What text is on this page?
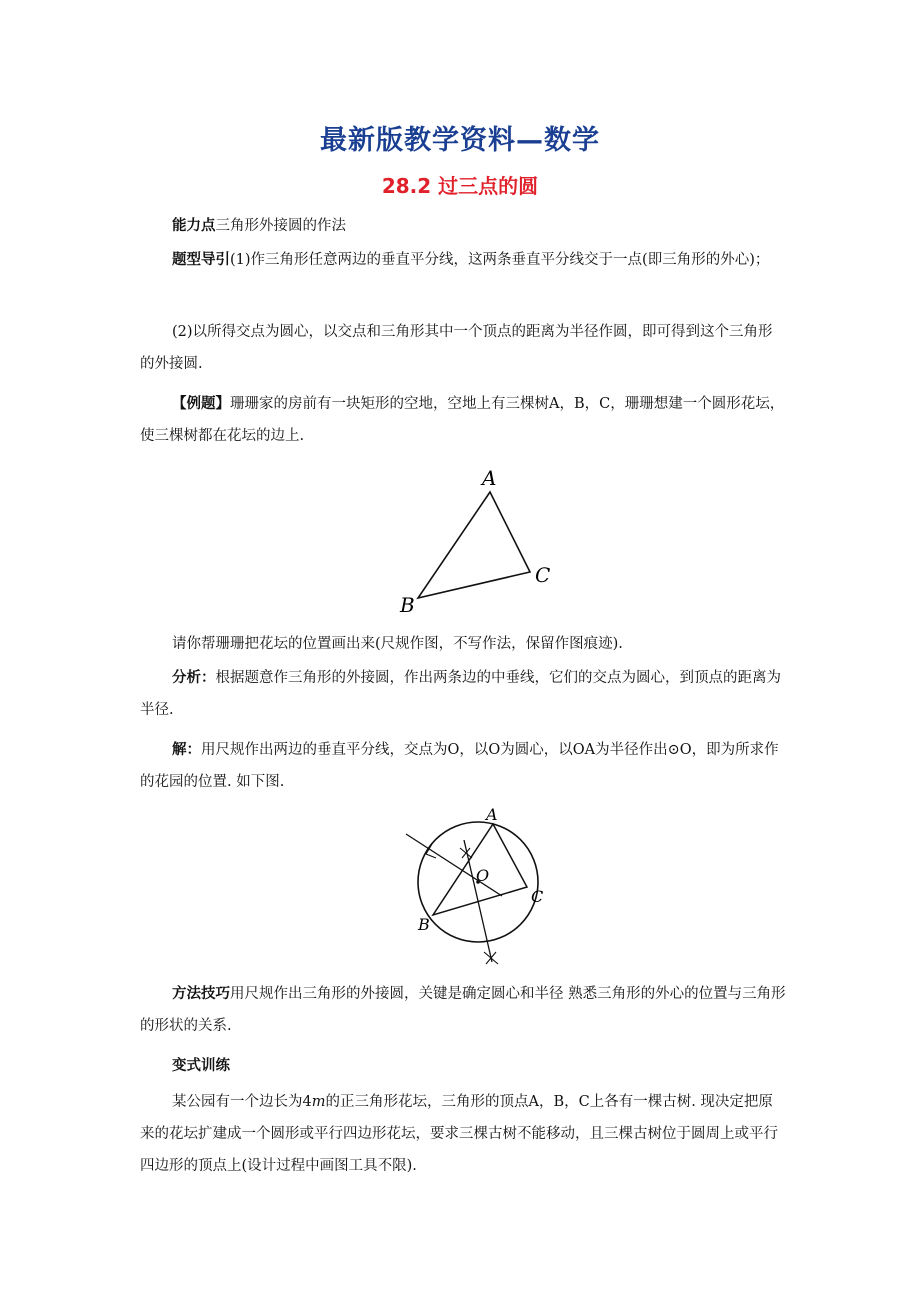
最新版教学资料—数学
28.2 过三点的圆
能力点三角形外接圆的作法
题型导引(1)作三角形任意两边的垂直平分线，这两条垂直平分线交于一点(即三角形的外心)；
(2)以所得交点为圆心，以交点和三角形其中一个顶点的距离为半径作圆，即可得到这个三角形的外接圆.
【例题】珊珊家的房前有一块矩形的空地，空地上有三棵树A，B，C，珊珊想建一个圆形花坛，使三棵树都在花坛的边上.
A
B
C
请你帮珊珊把花坛的位置画出来(尺规作图，不写作法，保留作图痕迹).
分析：根据题意作三角形的外接圆，作出两条边的中垂线，它们的交点为圆心，到顶点的距离为半径.
解：用尺规作出两边的垂直平分线，交点为O，以O为圆心，以OA为半径作出⊙O，即为所求作的花园的位置. 如下图.
A
B
C
O
方法技巧用尺规作出三角形的外接圆，关键是确定圆心和半径 熟悉三角形的外心的位置与三角形的形状的关系.
变式训练
某公园有一个边长为4m的正三角形花坛，三角形的顶点A，B，C上各有一棵古树. 现决定把原来的花坛扩建成一个圆形或平行四边形花坛，要求三棵古树不能移动，且三棵古树位于圆周上或平行四边形的顶点上(设计过程中画图工具不限).
